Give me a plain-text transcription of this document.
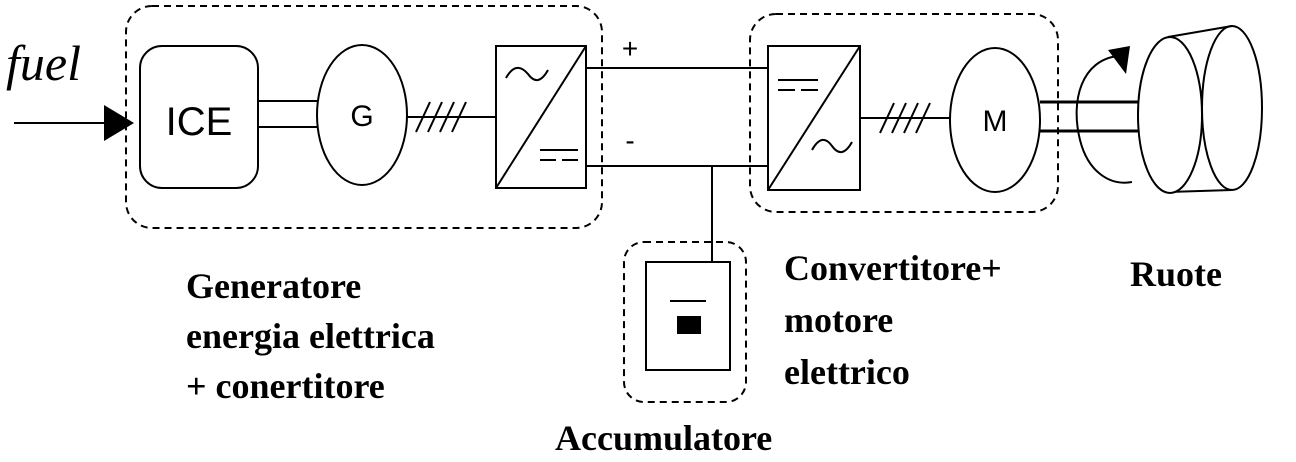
fuel
ICE	G
+
-
M
Generatore
energia elettrica
+ conertitore
Convertitore+
motore
elettrico
Accumulatore
Ruote
